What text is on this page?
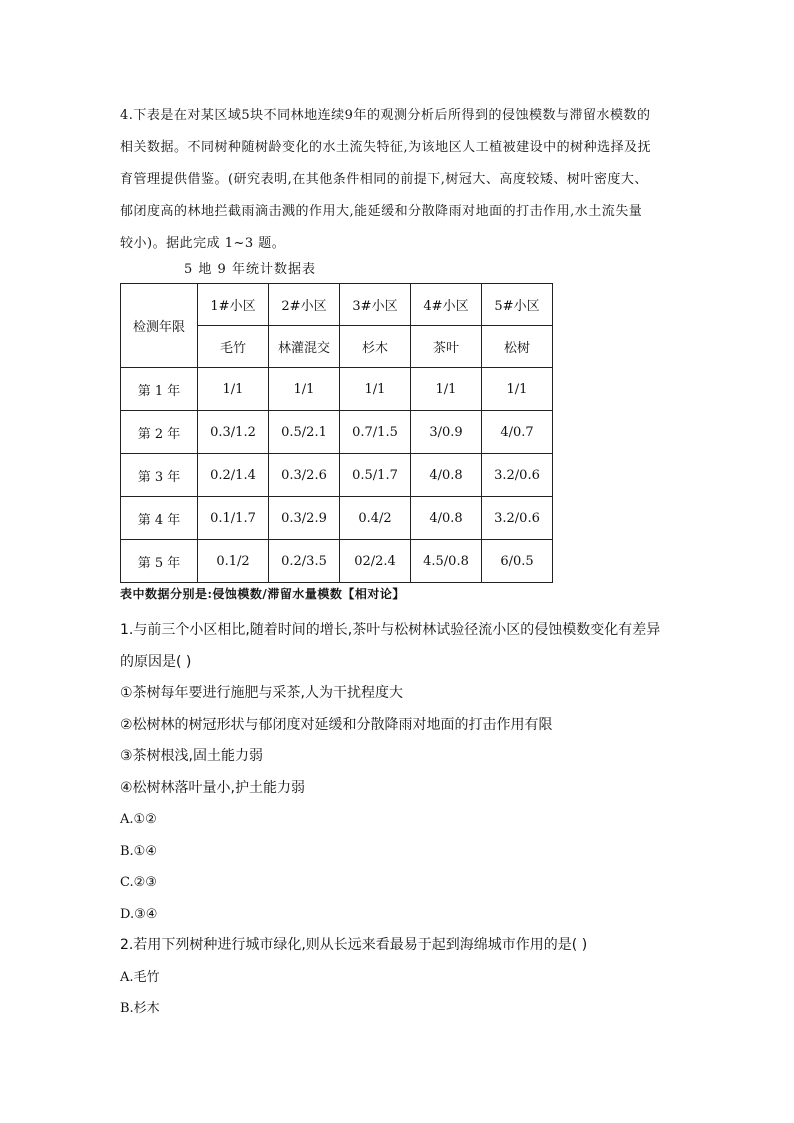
4.下表是在对某区域5块不同林地连续9年的观测分析后所得到的侵蚀模数与滞留水模数的

相关数据。不同树种随树龄变化的水土流失特征,为该地区人工植被建设中的树种选择及抚

育管理提供借鉴。(研究表明,在其他条件相同的前提下,树冠大、高度较矮、树叶密度大、

郁闭度高的林地拦截雨滴击溅的作用大,能延缓和分散降雨对地面的打击作用,水土流失量

较小)。据此完成 1~3 题。

5 地 9 年统计数据表
检测年限	1#小区	2#小区	3#小区	4#小区	5#小区
	毛竹	林灌混交	杉木	茶叶	松树
第 1 年	1/1	1/1	1/1	1/1	1/1
第 2 年	0.3/1.2	0.5/2.1	0.7/1.5	3/0.9	4/0.7
第 3 年	0.2/1.4	0.3/2.6	0.5/1.7	4/0.8	3.2/0.6
第 4 年	0.1/1.7	0.3/2.9	0.4/2	4/0.8	3.2/0.6
第 5 年	0.1/2	0.2/3.5	02/2.4	4.5/0.8	6/0.5
表中数据分别是:侵蚀模数/滞留水量模数【相对论】

1.与前三个小区相比,随着时间的增长,茶叶与松树林试验径流小区的侵蚀模数变化有差异

的原因是( )

①茶树每年要进行施肥与采茶,人为干扰程度大

②松树林的树冠形状与郁闭度对延缓和分散降雨对地面的打击作用有限

③茶树根浅,固土能力弱

④松树林落叶量小,护土能力弱

A.①②

B.①④

C.②③

D.③④

2.若用下列树种进行城市绿化,则从长远来看最易于起到海绵城市作用的是( )

A.毛竹

B.杉木
